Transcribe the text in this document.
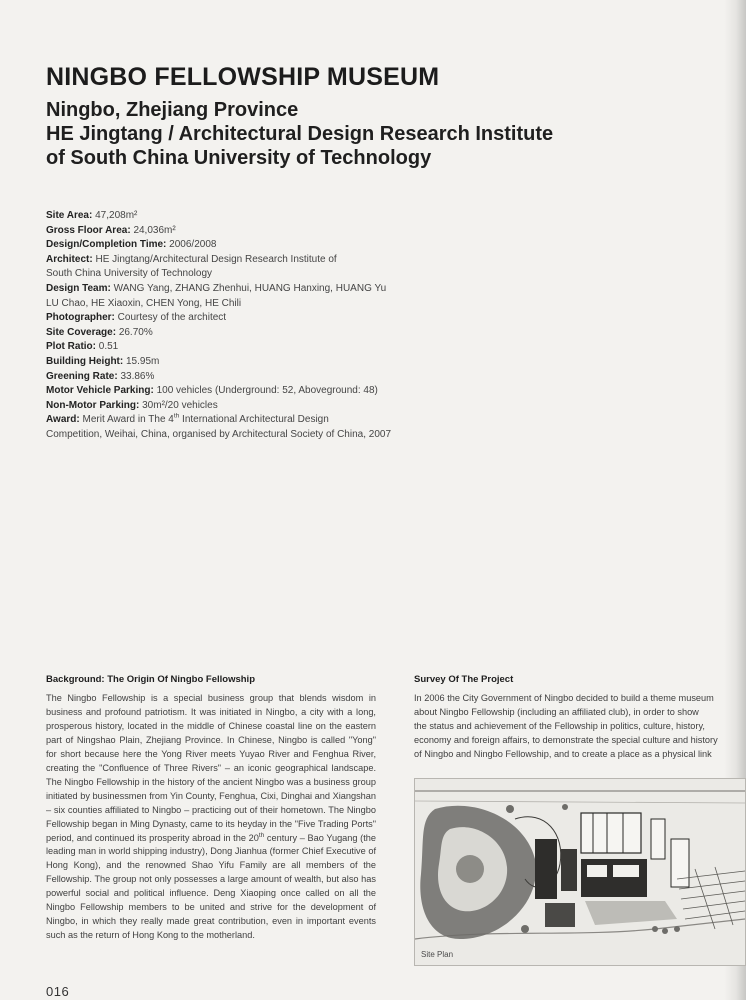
NINGBO FELLOWSHIP MUSEUM

Ningbo, Zhejiang Province

HE Jingtang / Architectural Design Research Institute

of South China University of Technology

Site Area: 47,208m²

Gross Floor Area: 24,036m²

Design/Completion Time: 2006/2008

Architect: HE Jingtang/Architectural Design Research Institute of
South China University of Technology

Design Team: WANG Yang, ZHANG Zhenhui, HUANG Hanxing, HUANG Yu
LU Chao, HE Xiaoxin, CHEN Yong, HE Chili

Photographer: Courtesy of the architect

Site Coverage: 26.70%

Plot Ratio: 0.51

Building Height: 15.95m

Greening Rate: 33.86%

Motor Vehicle Parking: 100 vehicles (Underground: 52, Aboveground: 48)

Non-Motor Parking: 30m²/20 vehicles

Award: Merit Award in The 4th International Architectural Design
Competition, Weihai, China, organised by Architectural Society of China, 2007

Background: The Origin Of Ningbo Fellowship

The Ningbo Fellowship is a special business group that blends wisdom in business and profound patriotism. It was initiated in Ningbo, a city with a long, prosperous history, located in the middle of Chinese coastal line on the eastern part of Ningshao Plain, Zhejiang Province. In Chinese, Ningbo is called "Yong" for short because here the Yong River meets Yuyao River and Fenghua River, creating the "Confluence of Three Rivers" – an iconic geographical landscape. The Ningbo Fellowship in the history of the ancient Ningbo was a business group initiated by businessmen from Yin County, Fenghua, Cixi, Dinghai and Xiangshan – six counties affiliated to Ningbo – practicing out of their hometown. The Ningbo Fellowship began in Ming Dynasty, came to its heyday in the "Five Trading Ports" period, and continued its prosperity abroad in the 20th century – Bao Yugang (the leading man in world shipping industry), Dong Jianhua (former Chief Executive of Hong Kong), and the renowned Shao Yifu Family are all members of the Fellowship. The group not only possesses a large amount of wealth, but also has powerful social and political influence. Deng Xiaoping once called on all the Ningbo Fellowship members to be united and strive for the development of Ningbo, in which they really made great contribution, even in important events such as the return of Hong Kong to the motherland.

Survey Of The Project

In 2006 the City Government of Ningbo decided to build a theme museum
about Ningbo Fellowship (including an affiliated club), in order to show
the status and achievement of the Fellowship in politics, culture, history,
economy and foreign affairs, to demonstrate the special culture and history
of Ningbo and Ningbo Fellowship, and to create a place as a physical link

Site Plan
016
